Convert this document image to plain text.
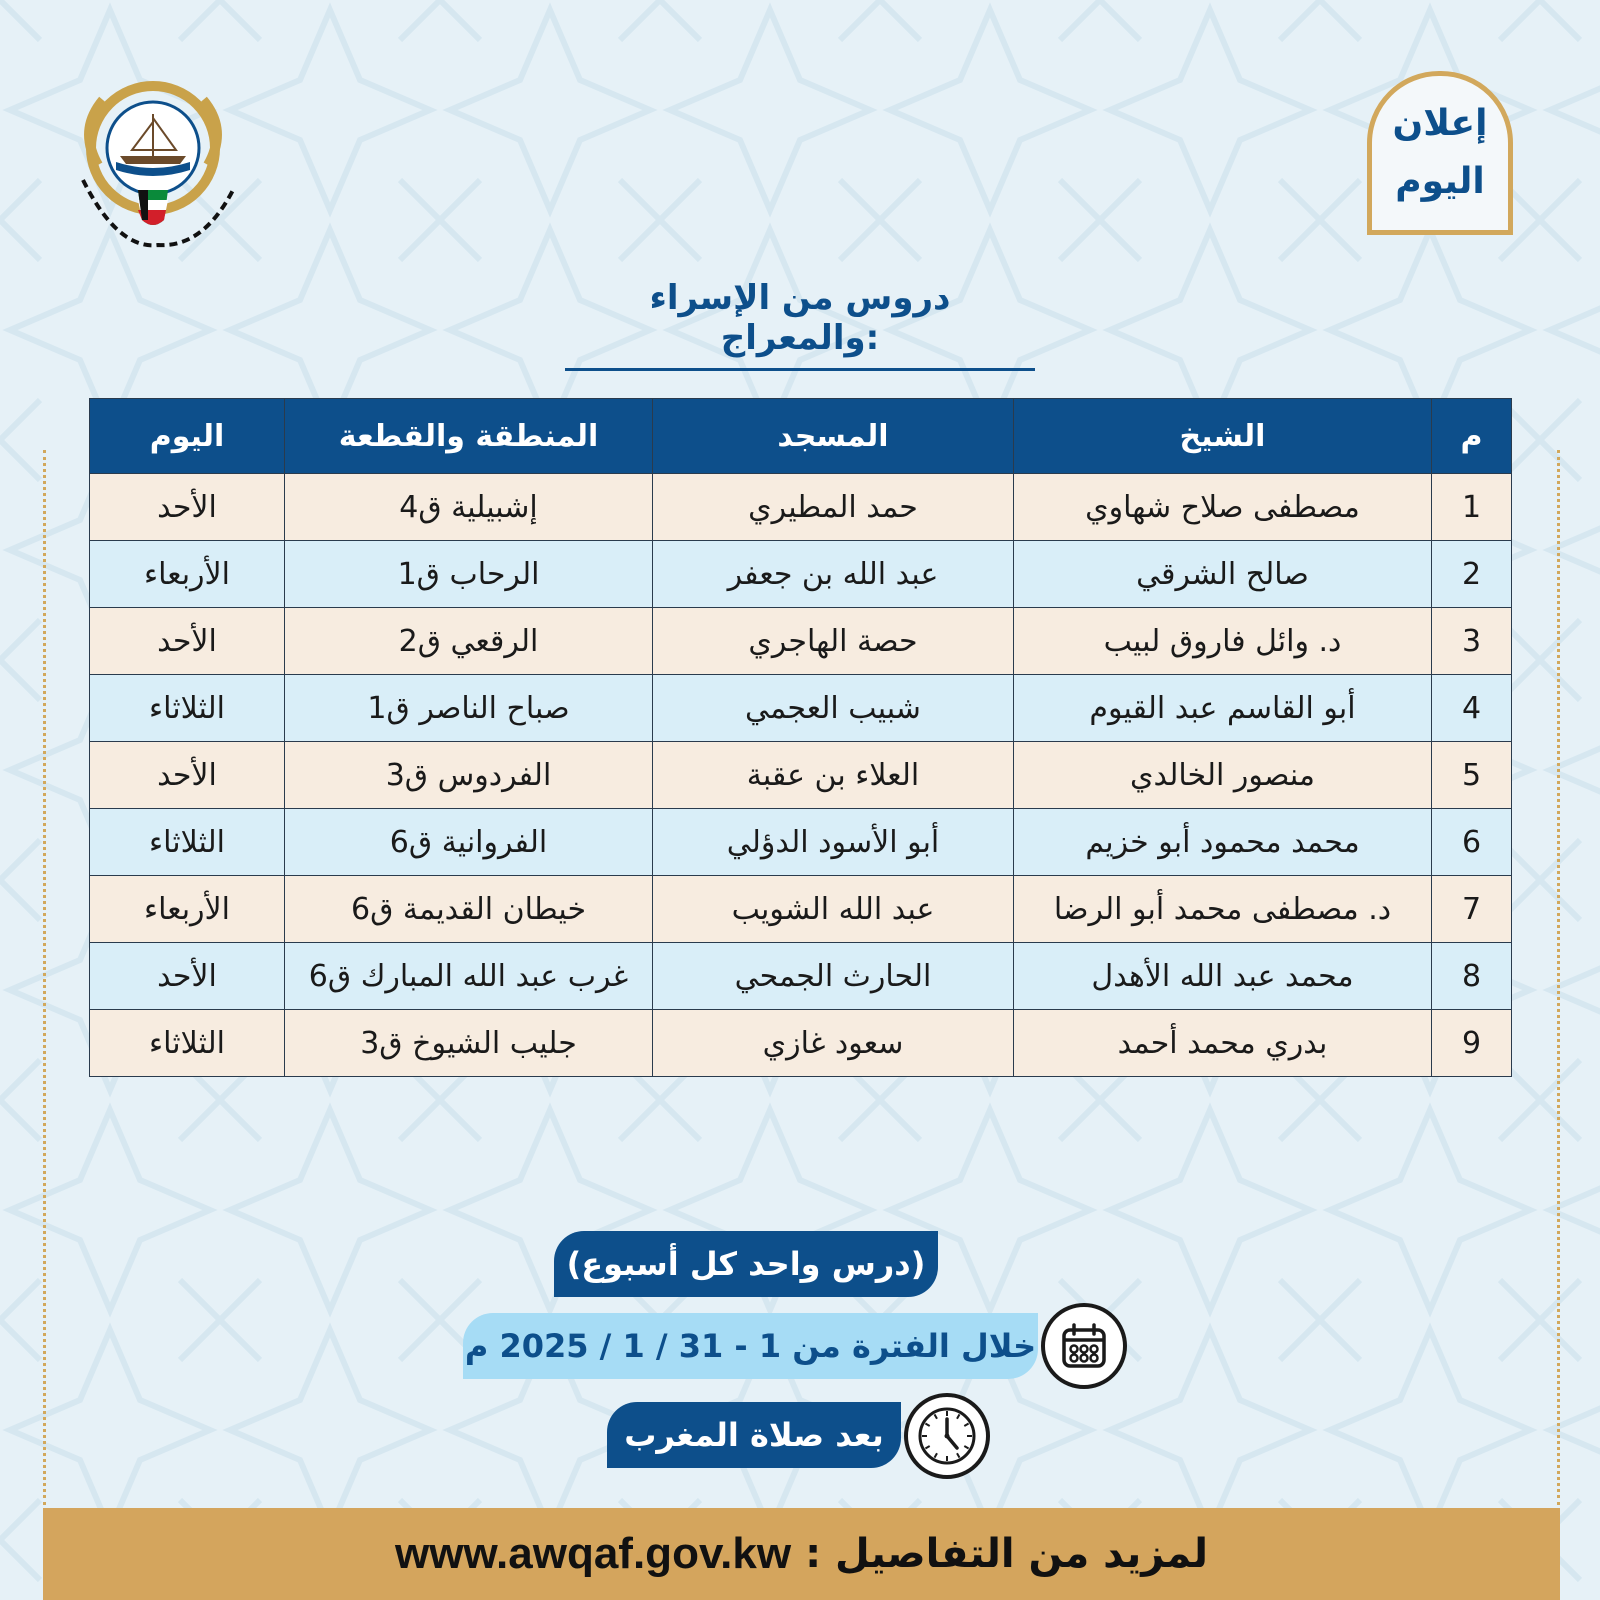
إعلان
اليوم
دروس من الإسراء والمعراج:
م	الشيخ	المسجد	المنطقة والقطعة	اليوم
1	مصطفى صلاح شهاوي	حمد المطيري	إشبيلية ق4	الأحد
2	صالح الشرقي	عبد الله بن جعفر	الرحاب ق1	الأربعاء
3	د. وائل فاروق لبيب	حصة الهاجري	الرقعي ق2	الأحد
4	أبو القاسم عبد القيوم	شبيب العجمي	صباح الناصر ق1	الثلاثاء
5	منصور الخالدي	العلاء بن عقبة	الفردوس ق3	الأحد
6	محمد محمود أبو خزيم	أبو الأسود الدؤلي	الفروانية ق6	الثلاثاء
7	د. مصطفى محمد أبو الرضا	عبد الله الشويب	خيطان القديمة ق6	الأربعاء
8	محمد عبد الله الأهدل	الحارث الجمحي	غرب عبد الله المبارك ق6	الأحد
9	بدري محمد أحمد	سعود غازي	جليب الشيوخ ق3	الثلاثاء
(درس واحد كل أسبوع)
خلال الفترة من 1 - 31 / 1 / 2025 م
بعد صلاة المغرب
لمزيد من التفاصيل :
www.awqaf.gov.kw
